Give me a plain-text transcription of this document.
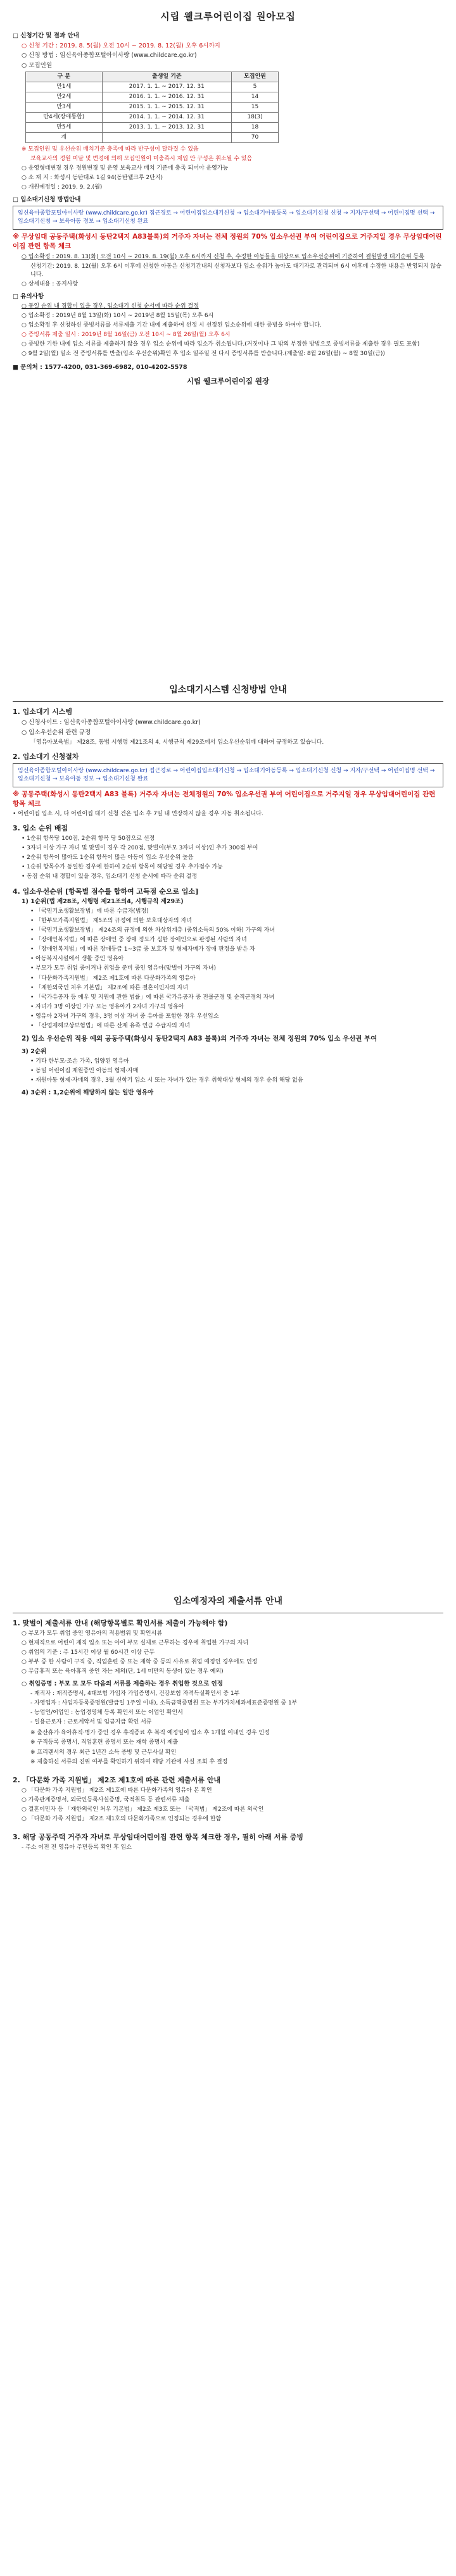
시립 웰크루어린이집 원아모집
□ 신청기간 및 결과 안내
○ 신청 기간 : 2019. 8. 5(월) 오전 10시 ~ 2019. 8. 12(월) 오후 6시까지
○ 신청 방법 : 임신육아종합포털아이사랑 (www.childcare.go.kr)
○ 모집인원
구 분	출생일 기준	모집인원
만1세	2017. 1. 1. ~ 2017. 12. 31	5
만2세	2016. 1. 1. ~ 2016. 12. 31	14
만3세	2015. 1. 1. ~ 2015. 12. 31	15
만4세(장애통합)	2014. 1. 1. ~ 2014. 12. 31	18(3)
만5세	2013. 1. 1. ~ 2013. 12. 31	18
계		70
※ 모집인원 및 우선순위 배치기준 충족에 따라 반구성이 달라질 수 있음
보육교사의 정원 미달 및 변경에 의해 모집인원이 미충족시 재입 안 구성은 취소될 수 있음
○ 운영형태변경 경우 정원변경 및 운영 보육교사 배치 기준에 충족 되어야 운영가능
○ 소 재 지 : 화성시 동탄대로 1길 94(동탄웰크루 2단지)
○ 개원예정일 : 2019. 9. 2.(월)
□ 입소대기신청 방법안내
임신육아종합포털아이사랑 (www.childcare.go.kr) 접근경로 → 어린이집입소대기신청 → 입소대기아동등록 → 입소대기신청 신청 → 지자/구선택 → 어린이집명 선택 → 입소대기신청 → 보육아동 정보 → 입소대기신청 완료
※ 무상임대 공동주택(화성시 동탄2택지 A83블록)의 거주자 자녀는 전체 정원의 70% 입소우선권 부여 어린이집으로 거주지일 경우 무상임대어린이집 관련 항목 체크
○ 입소확정 : 2019. 8. 13(화) 오전 10시 ~ 2019. 8. 19(월) 오후 6시까지 신청 후, 수정한 아동들을 대상으로 입소우선순위에 기준하여 결원발생 대기순위 등록
신청기간: 2019. 8. 12(월) 오후 6시 이후에 신청한 아동은 신청기간내의 신청자보다 입소 순위가 높아도 대기자로 관리되며 6시 이후에 수정한 내용은 반영되지 않습니다.
○ 상세내용 : 공지사항
□ 유의사항
○ 동일 순위 내 경합이 있을 경우, 임소대기 신청 순서에 따라 순위 결정
○ 입소확정 : 2019년 8월 13일(화) 10시 ~ 2019년 8월 15일(목) 오후 6시
○ 입소확정 후 신청하신 증빙서류를 서류제출 기간 내에 제출하여 선정 시 선정된 입소순위에 대한 증빙을 하여야 합니다.
○ 증빙서류 제출 일시 : 2019년 8월 16일(금) 오전 10시 ~ 8월 26일(월) 오후 6시
○ 증빙한 기한 내에 입소 서류를 제출하지 않을 경우 입소 순위에 따라 입소가 취소됩니다.(거짓이나 그 밖의 부정한 방법으로 증빙서류를 제출한 경우 필도 포함)
○ 9월 2일(월) 일소 전 증빙서류를 반출(입소 우선순위)확인 후 입소 일주일 전 다시 증빙서류를 받습니다.(제출일: 8월 26일(월) ~ 8월 30일(금))
■ 문의처 : 1577-4200, 031-369-6982, 010-4202-5578
시립 웰크루어린이집 원장
입소대기시스템 신청방법 안내
1. 입소대기 시스템
○ 신청사이트 : 임신육아종합포털아이사랑 (www.childcare.go.kr)
○ 입소우선순위 관련 규정
「영유아보육법」 제28조, 동법 시행령 제21조의 4, 시행규칙 제29조에서 입소우선순위에 대하여 규정하고 있습니다.
2. 입소대기 신청절차
임신육아종합포털아이사랑 (www.childcare.go.kr) 접근경로 → 어린이집입소대기신청 → 입소대기아동등록 → 입소대기신청 신청 → 지자/구선택 → 어린이집명 선택 → 입소대기신청 → 보육아동 정보 → 입소대기신청 완료
※ 공동주택(화성시 동탄2택지 A83 블록) 거주자 자녀는 전체정원의 70% 입소우선권 부여 어린이집으로 거주지일 경우 무상임대어린이집 관련 항목 체크
• 어린이집 입소 시, 다 어린이집 대기 신청 건은 입소 후 7일 내 연장하지 않을 경우 자동 취소됩니다.
3. 입소 순위 배점
• 1순위 항목당 100점, 2순위 항목 당 50점으로 선정
• 3자녀 이상 가구 자녀 및 맞벌이 경우 각 200점, 맞벌이(부모 3자녀 이상)인 추가 300점 부여
• 2순위 항목이 많아도 1순위 항목이 많은 아동이 입소 우선순위 높음
• 1순위 항목수가 동일한 경우에 한하여 2순위 항목이 해당될 경우 추가점수 가능
• 동점 순위 내 경합이 있을 경우, 입소대기 신청 순서에 따라 순위 결정
4. 입소우선순위 [항목별 점수를 합하여 고득점 순으로 입소]
1) 1순위(법 제28조, 시행령 제21조의4, 시행규칙 제29조)
• 「국민기초생활보장법」에 따른 수급자(법정)
• 「한부모가족지원법」 제5조의 규정에 의한 보호대상자의 자녀
• 「국민기초생활보장법」 제24조의 규정에 의한 차상위계층 (중위소득의 50% 이하) 가구의 자녀
• 「장애인복지법」에 따른 장애인 중 장애 정도가 심한 장애인으로 판정된 사람의 자녀
• 「장애인복지법」에 따른 장애등급 1~3급 중 보호자 및 형제자매가 장애 판정을 받은 자
• 아동복지시설에서 생활 중인 영유아
• 부모가 모두 취업 중이거나 취업을 준비 중인 영유아(맞벌이 가구의 자녀)
• 「다문화가족지원법」 제2조 제1호에 따른 다문화가족의 영유아
• 「재한외국인 처우 기본법」 제2조에 따른 결혼이민자의 자녀
• 「국가유공자 등 예우 및 지원에 관한 법률」에 따른 국가유공자 중 전몰군경 및 순직군경의 자녀
• 자녀가 3명 이상인 가구 또는 영유아가 2자녀 가구의 영유아
• 영유아 2자녀 가구의 경우, 3명 이상 자녀 중 유아를 포함한 경우 우선입소
• 「산업재해보상보험법」에 따른 산재 유족 연금 수급자의 자녀
2) 입소 우선순위 적용 예외 공동주택(화성시 동탄2택지 A83 블록)의 거주자 자녀는 전체 정원의 70% 입소 우선권 부여
3) 2순위
• 기타 한부모·조손 가족, 입양된 영유아
• 동일 어린이집 재원중인 아동의 형제·자매
• 재원아동 형제·자매의 경우, 3월 신학기 입소 시 또는 자녀가 있는 경우 취학대상 형제의 경우 순위 해당 없음
4) 3순위 : 1,2순위에 해당하지 않는 일반 영유아
입소예정자의 제출서류 안내
1. 맞벌이 제출서류 안내 (해당항목별로 확인서류 제출이 가능해야 함)
○ 부모가 모두 취업 중인 영유아의 적용범위 및 확인서류
○ 현재직으로 어린이 재직 입소 또는 아이 부모 실제로 근무하는 경우에 취업한 가구의 자녀
○ 취업의 기준 : 주 15시간 이상 월 60시간 이상 근무
○ 부부 중 한 사람이 구직 중, 직업훈련 중 또는 재학 중 등의 사유로 취업 예정인 경우에도 인정
○ 무급휴직 또는 육아휴직 중인 자는 제외(단, 1세 미만의 동생이 있는 경우 예외)
○ 취업증명 : 부모 모 모두 다음의 서류를 제출하는 경우 취업한 것으로 인정
- 재직자 : 재직증명서, 4대보험 가입자 가입증명서, 건강보험 자격득실확인서 중 1부
- 자영업자 : 사업자등록증명원(발급일 1주일 이내), 소득금액증명원 또는 부가가치세과세표준증명원 중 1부
- 농업인/어업인 : 농업경영체 등록 확인서 또는 어업인 확인서
- 일용근로자 : 근로계약서 및 임금지급 확인 서류
※ 출산휴가·육아휴직·병가 중인 경우 휴직종료 후 복직 예정일이 입소 후 1개월 이내인 경우 인정
※ 구직등록 증명서, 직업훈련 증명서 또는 재학 증명서 제출
※ 프리랜서의 경우 최근 1년간 소득 증빙 및 근무사실 확인
※ 제출하신 서류의 진위 여부를 확인하기 위하여 해당 기관에 사실 조회 후 결정
2. 「다문화 가족 지원법」 제2조 제1호에 따른 관련 제출서류 안내
○ 「다문화 가족 지원법」 제2조 제1호에 따른 다문화가족의 영유아 본 확인
○ 가족관계증명서, 외국인등록사실증명, 국적취득 등 관련서류 제출
○ 결혼이민자 등 「재한외국인 처우 기본법」 제2조 제3호 또는 「국적법」 제2조에 따른 외국인
○ 「다문화 가족 지원법」 제2조 제1호의 다문화가족으로 인정되는 경우에 한함
3. 해당 공동주택 거주자 자녀로 무상임대어린이집 관련 항목 체크한 경우, 필히 아래 서류 증빙
- 주소 이전 전 영유아 주민등록 확인 후 입소
